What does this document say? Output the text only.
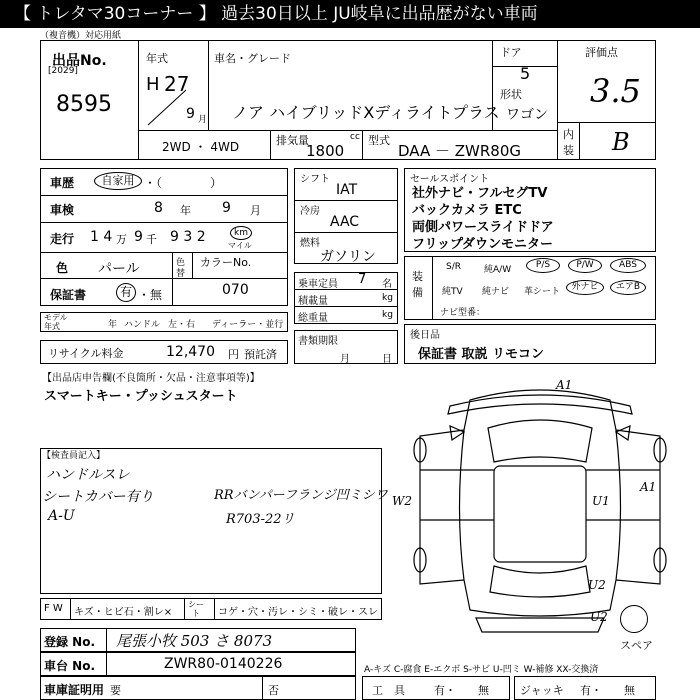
【 トレタマ30コーナー 】 過去30日以上 JU岐阜に出品歴がない車両
（複音機）対応用紙
出品No.
[2029]
8595
年式
H 27
9 月
車名・グレード
ノア ハイブリッドXディライトプラス
ドア
5
形状
ワゴン
評価点
3.5
内
装 B
2WD ・ 4WD	排気量	cc
1800
型式
DAA － ZWR80G
車歴	自家用 ・（　　　　）
車検	8 年 9 月
走行 1 4 万 9 千 9 3 2	km
マイル
色 パール	色
替
カラーNo.
070
保証書	有 ・無
モデル
年式	年 ハンドル 左・右 ディーラー・並行
リサイクル料金	12,470 円 預託済
シフト
IAT
冷房
AAC
燃料
ガソリン
乗車定員 7 名
積載量	kg
総重量	kg
書類期限
月	日
セールスポイント
社外ナビ・フルセグTV
バックカメラ ETC
両側パワースライドドア
フリップダウンモニター
装
備
S/R	純A/W	P/S	P/W	ABS
純TV 純ナビ 革シート	外ナビ	エアB
ナビ型番：
後日品
保証書 取説 リモコン
【出品店申告欄(不良箇所・欠品・注意事項等)】
スマートキー・プッシュスタート
【検査員記入】
ハンドルスレ
シートカバー有り
A-U
RRバンパーフランジ凹ミシワ
R703-22リ
A1
W2
A1
U1
U2
U2
スペア
F W キズ・ヒビ石・割レ×
シー
ト コゲ・穴・汚レ・シミ・破レ・スレ
登録 No. 尾張小牧 503 さ 8073
車台 No.	ZWR80-0140226
車庫証明用 要	否
A-キズ C-腐食 E-エクボ S-サビ U-凹ミ W-補修 XX-交換済
工　具	有・ 無	ジャッキ 有・ 無
